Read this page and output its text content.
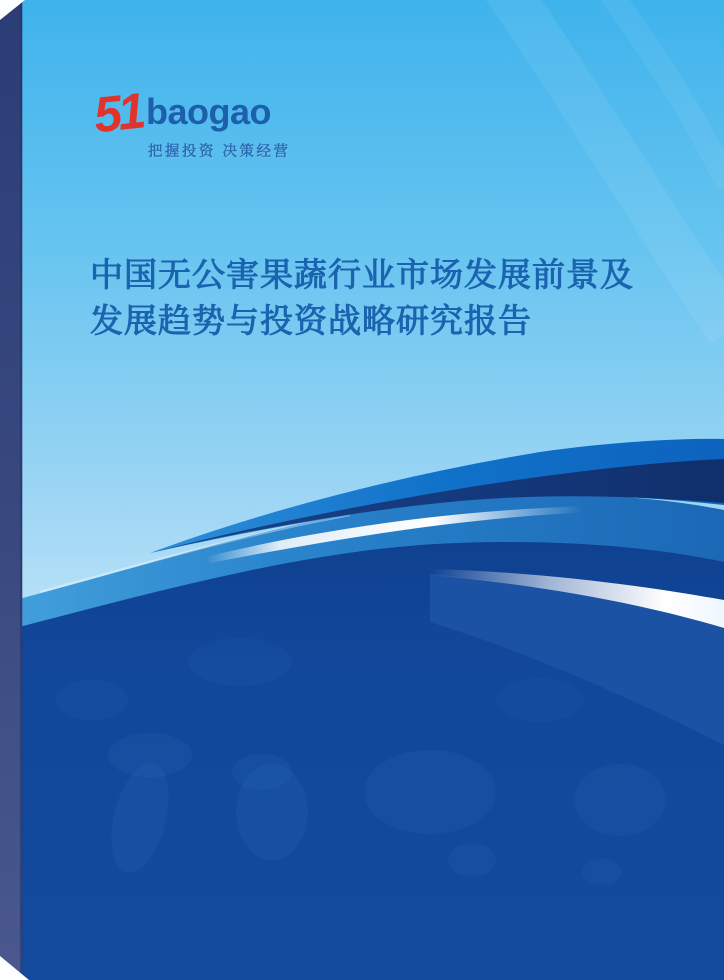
51 baogao
把握投资 决策经营
中国无公害果蔬行业市场发展前景及
发展趋势与投资战略研究报告
